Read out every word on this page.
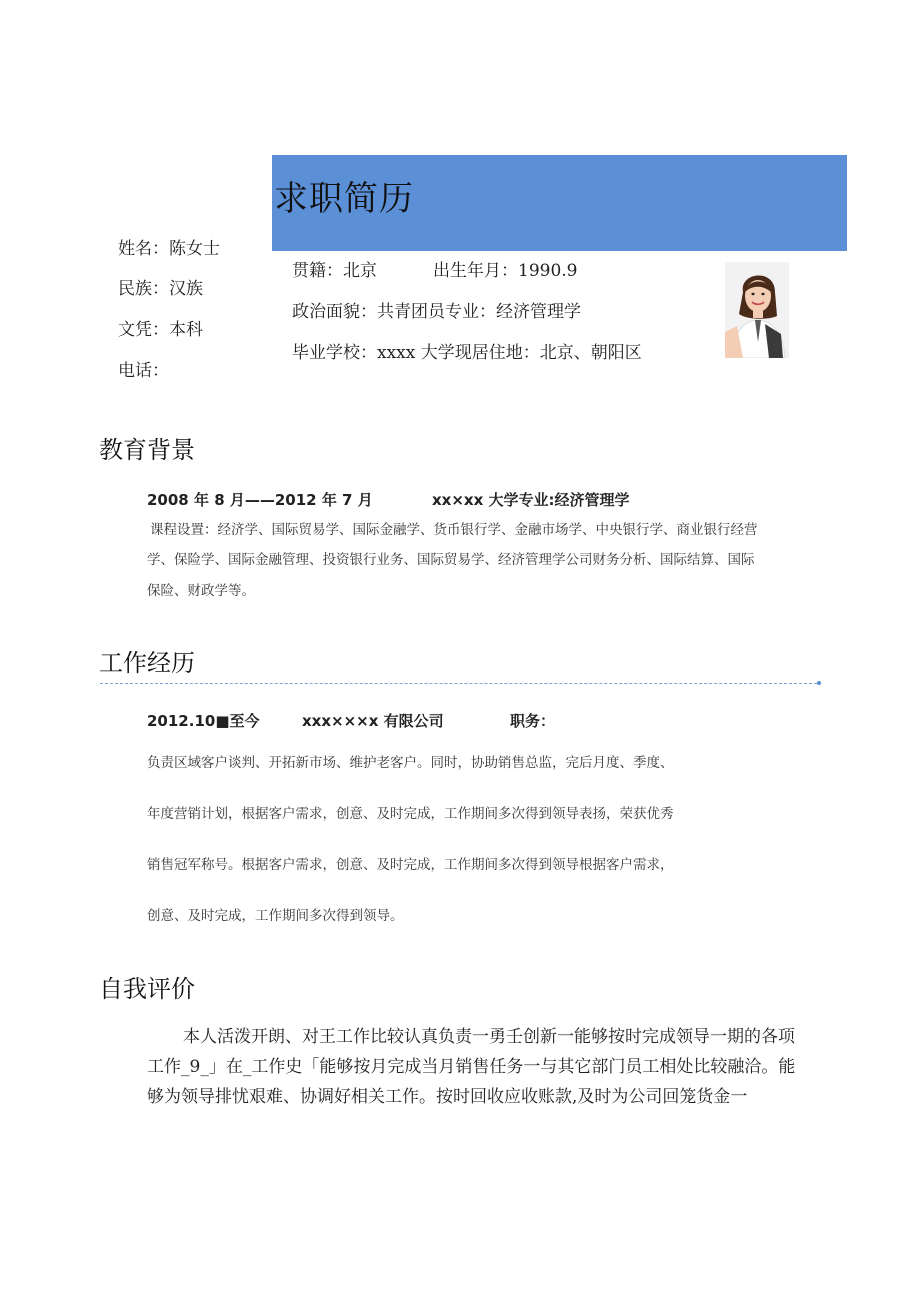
求职简历
姓名：陈女士
民族：汉族
文凭：本科
电话：
贯籍：北京	出生年月：1990.9
政治面貌：共青团员专业：经济管理学
毕业学校：xxxx 大学现居住地：北京、朝阳区
教育背景
2008 年 8 月——2012 年 7 月	xx×xx 大学专业:经济管理学
课程设置：经济学、国际贸易学、国际金融学、货币银行学、金融市场学、中央银行学、商业银行经营
学、保险学、国际金融管理、投资银行业务、国际贸易学、经济管理学公司财务分析、国际结算、国际
保险、财政学等。
工作经历
2012.10■至今	xxx×××x 有限公司	职务：
负责区域客户谈判、开拓新市场、维护老客户。同时，协助销售总监，完后月度、季度、
年度营销计划，根据客户需求，创意、及时完成，工作期间多次得到领导表扬，荣获优秀
销售冠军称号。根据客户需求，创意、及时完成，工作期间多次得到领导根据客户需求，
创意、及时完成，工作期间多次得到领导。
自我评价
本人活泼开朗、对王工作比较认真负责一勇壬创新一能够按时完成领导一期的各项
工作_9_」在_工作史「能够按月完成当月销售任务一与其它部门员工相处比较融洽。能
够为领导排忧艰难、协调好相关工作。按时回收应收账款,及时为公司回笼货金一
